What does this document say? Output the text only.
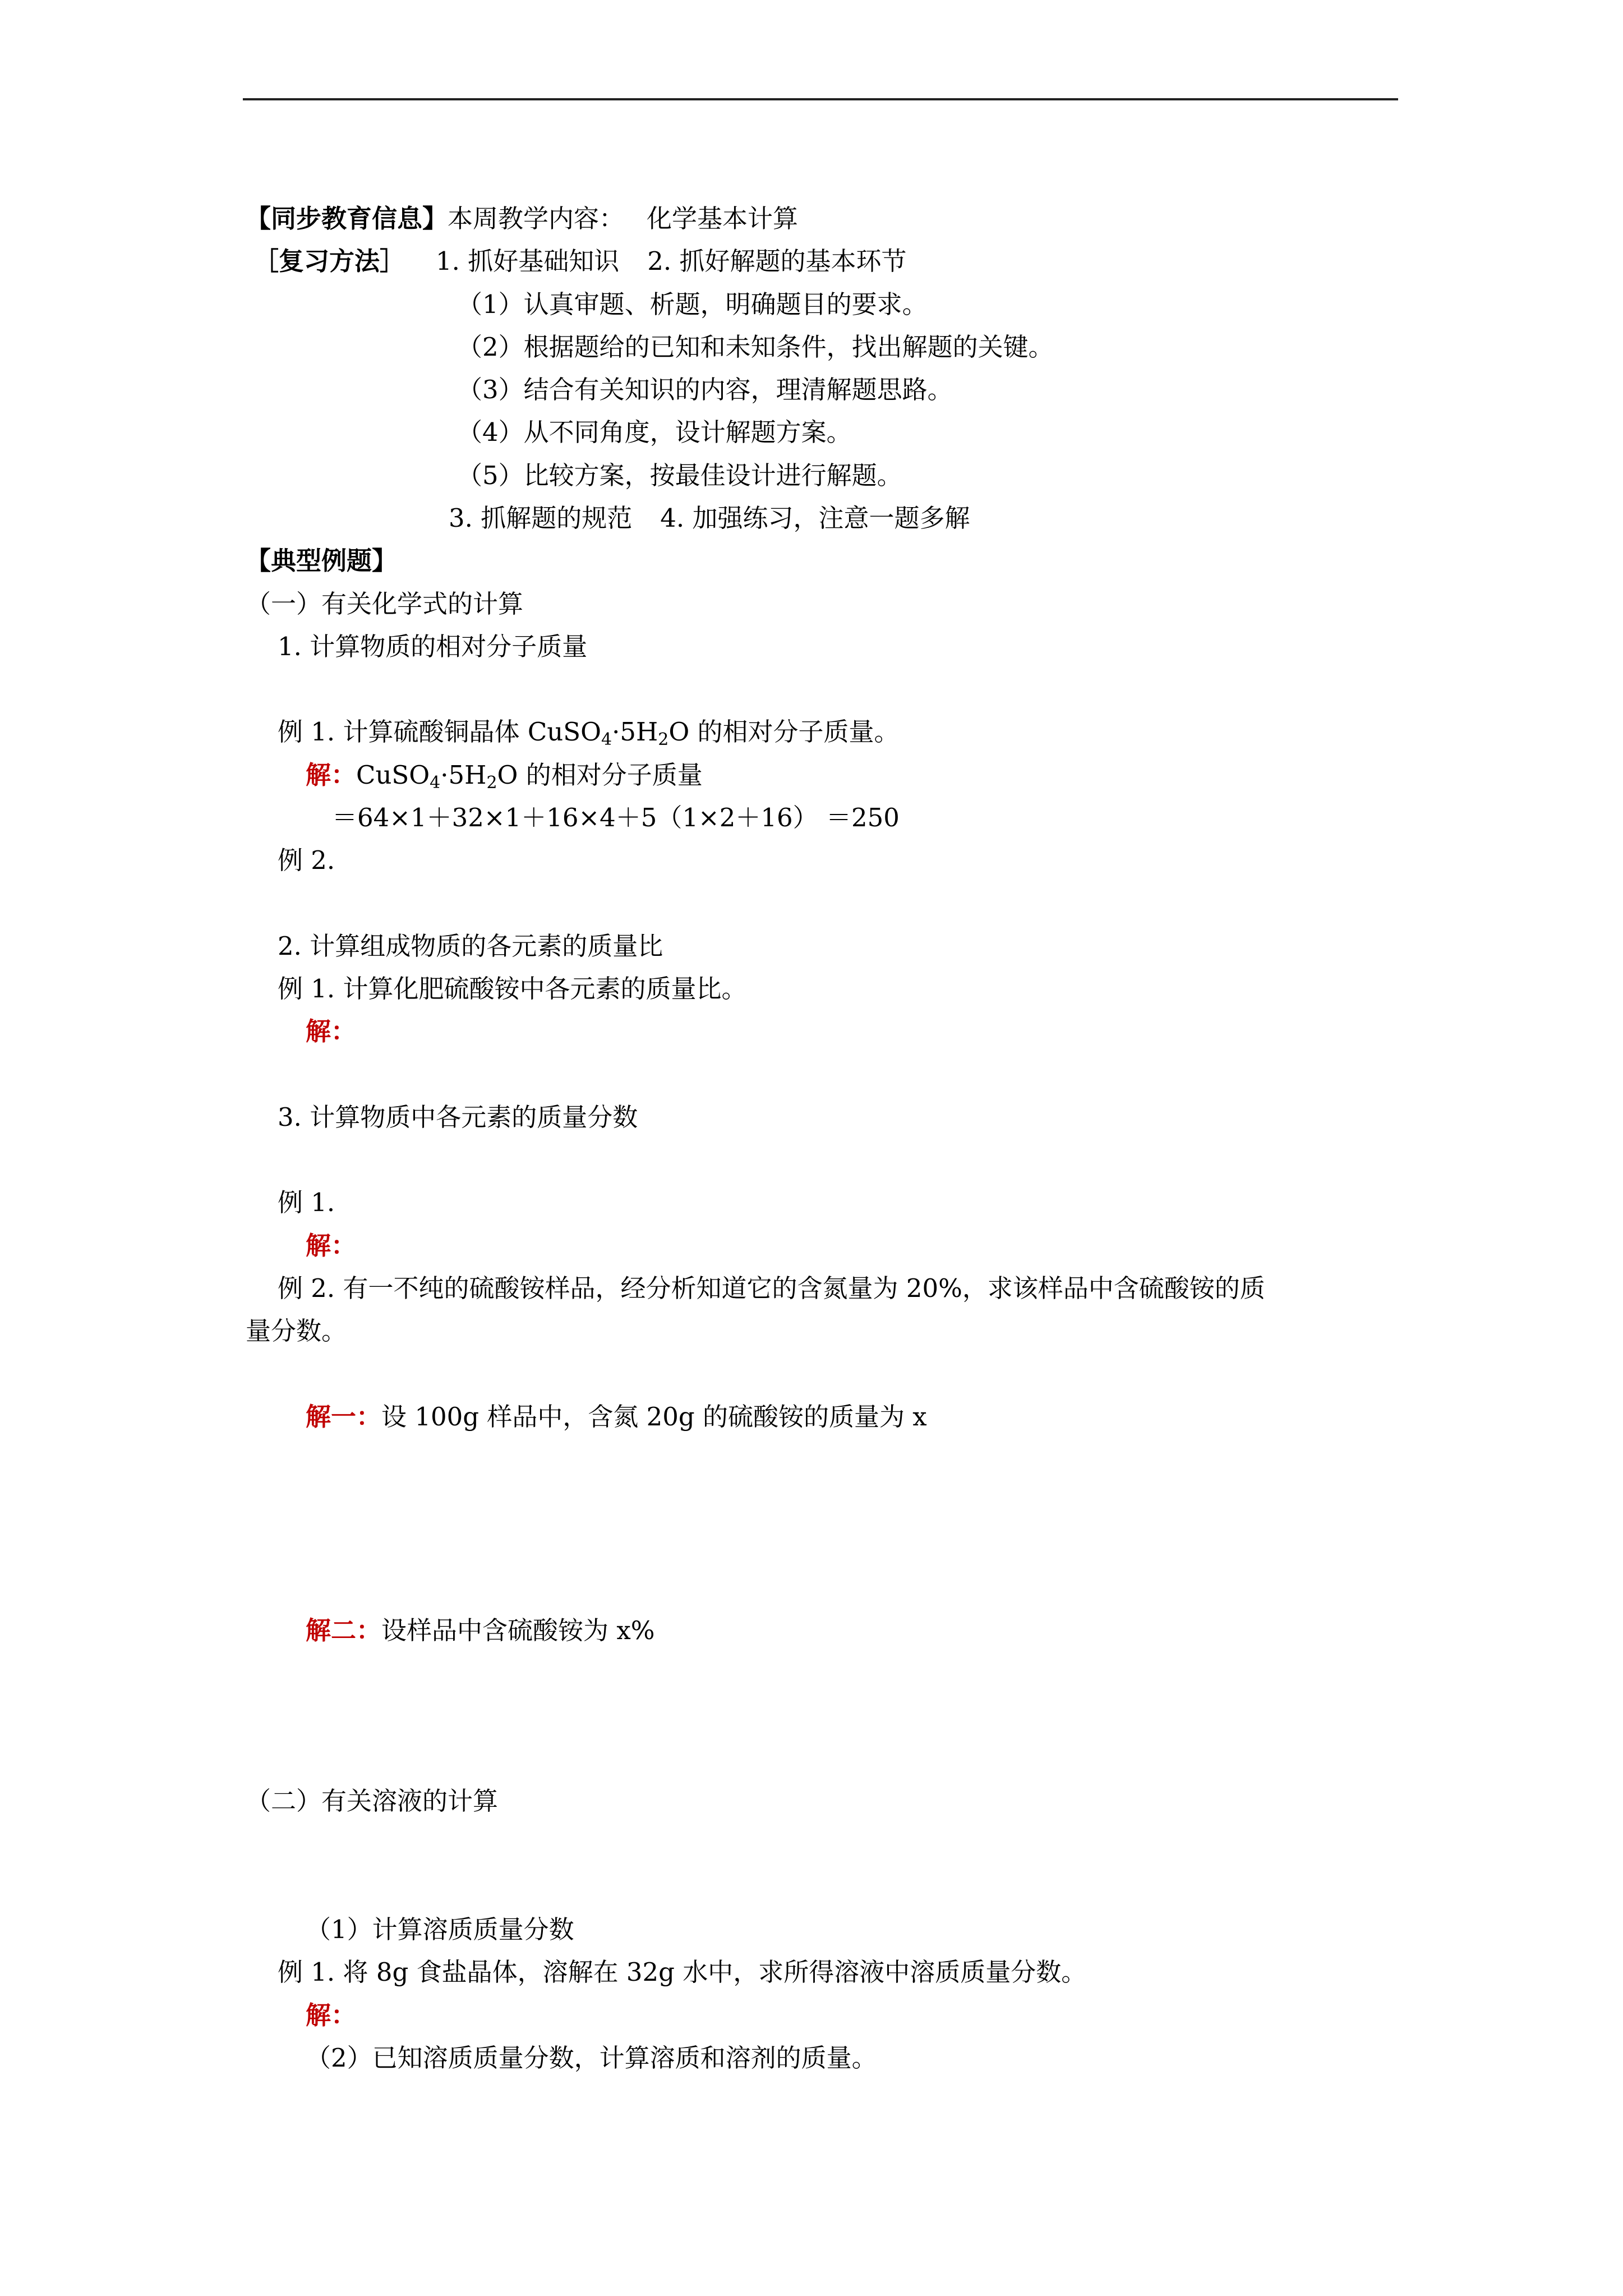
【同步教育信息】本周教学内容： 化学基本计算
［复习方法］ 1. 抓好基础知识 2. 抓好解题的基本环节
（1）认真审题、析题，明确题目的要求。
（2）根据题给的已知和未知条件，找出解题的关键。
（3）结合有关知识的内容，理清解题思路。
（4）从不同角度，设计解题方案。
（5）比较方案，按最佳设计进行解题。
3. 抓解题的规范 4. 加强练习，注意一题多解
【典型例题】
（一）有关化学式的计算
1. 计算物质的相对分子质量
例 1. 计算硫酸铜晶体 $CuSO_4\cdot 5H_2O$ 的相对分子质量。
解：$CuSO_4\cdot 5H_2O$ 的相对分子质量
＝64×1＋32×1＋16×4＋5（1×2＋16） ＝250
例 2.
2. 计算组成物质的各元素的质量比
例 1. 计算化肥硫酸铵中各元素的质量比。
解：
3. 计算物质中各元素的质量分数
例 1.
解：
例 2. 有一不纯的硫酸铵样品，经分析知道它的含氮量为 20%，求该样品中含硫酸铵的质
量分数。
解一：设 100g 样品中，含氮 20g 的硫酸铵的质量为 x
解二：设样品中含硫酸铵为 x%
（二）有关溶液的计算
（1）计算溶质质量分数
例 1. 将 8g 食盐晶体，溶解在 32g 水中，求所得溶液中溶质质量分数。
解：
（2）已知溶质质量分数，计算溶质和溶剂的质量。
